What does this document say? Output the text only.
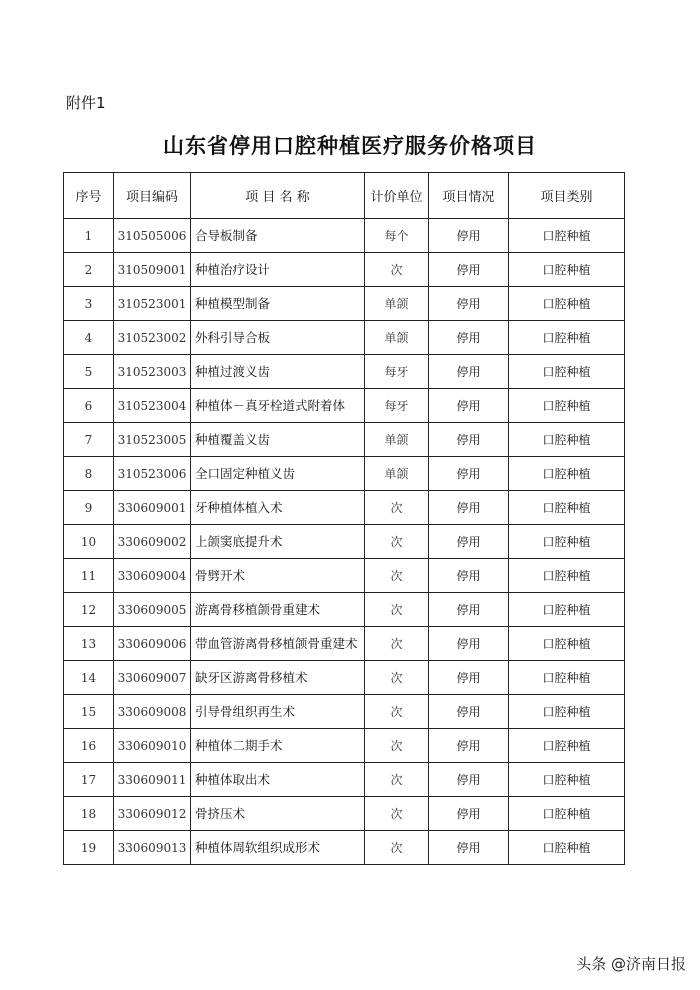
附件1
山东省停用口腔种植医疗服务价格项目
序号	项目编码	项 目 名 称	计价单位	项目情况	项目类别
1	310505006	合导板制备	每个	停用	口腔种植
2	310509001	种植治疗设计	次	停用	口腔种植
3	310523001	种植模型制备	单颌	停用	口腔种植
4	310523002	外科引导合板	单颌	停用	口腔种植
5	310523003	种植过渡义齿	每牙	停用	口腔种植
6	310523004	种植体－真牙栓道式附着体	每牙	停用	口腔种植
7	310523005	种植覆盖义齿	单颌	停用	口腔种植
8	310523006	全口固定种植义齿	单颌	停用	口腔种植
9	330609001	牙种植体植入术	次	停用	口腔种植
10	330609002	上颌窦底提升术	次	停用	口腔种植
11	330609004	骨劈开术	次	停用	口腔种植
12	330609005	游离骨移植颌骨重建术	次	停用	口腔种植
13	330609006	带血管游离骨移植颌骨重建术	次	停用	口腔种植
14	330609007	缺牙区游离骨移植术	次	停用	口腔种植
15	330609008	引导骨组织再生术	次	停用	口腔种植
16	330609010	种植体二期手术	次	停用	口腔种植
17	330609011	种植体取出术	次	停用	口腔种植
18	330609012	骨挤压术	次	停用	口腔种植
19	330609013	种植体周软组织成形术	次	停用	口腔种植
头条 @济南日报
